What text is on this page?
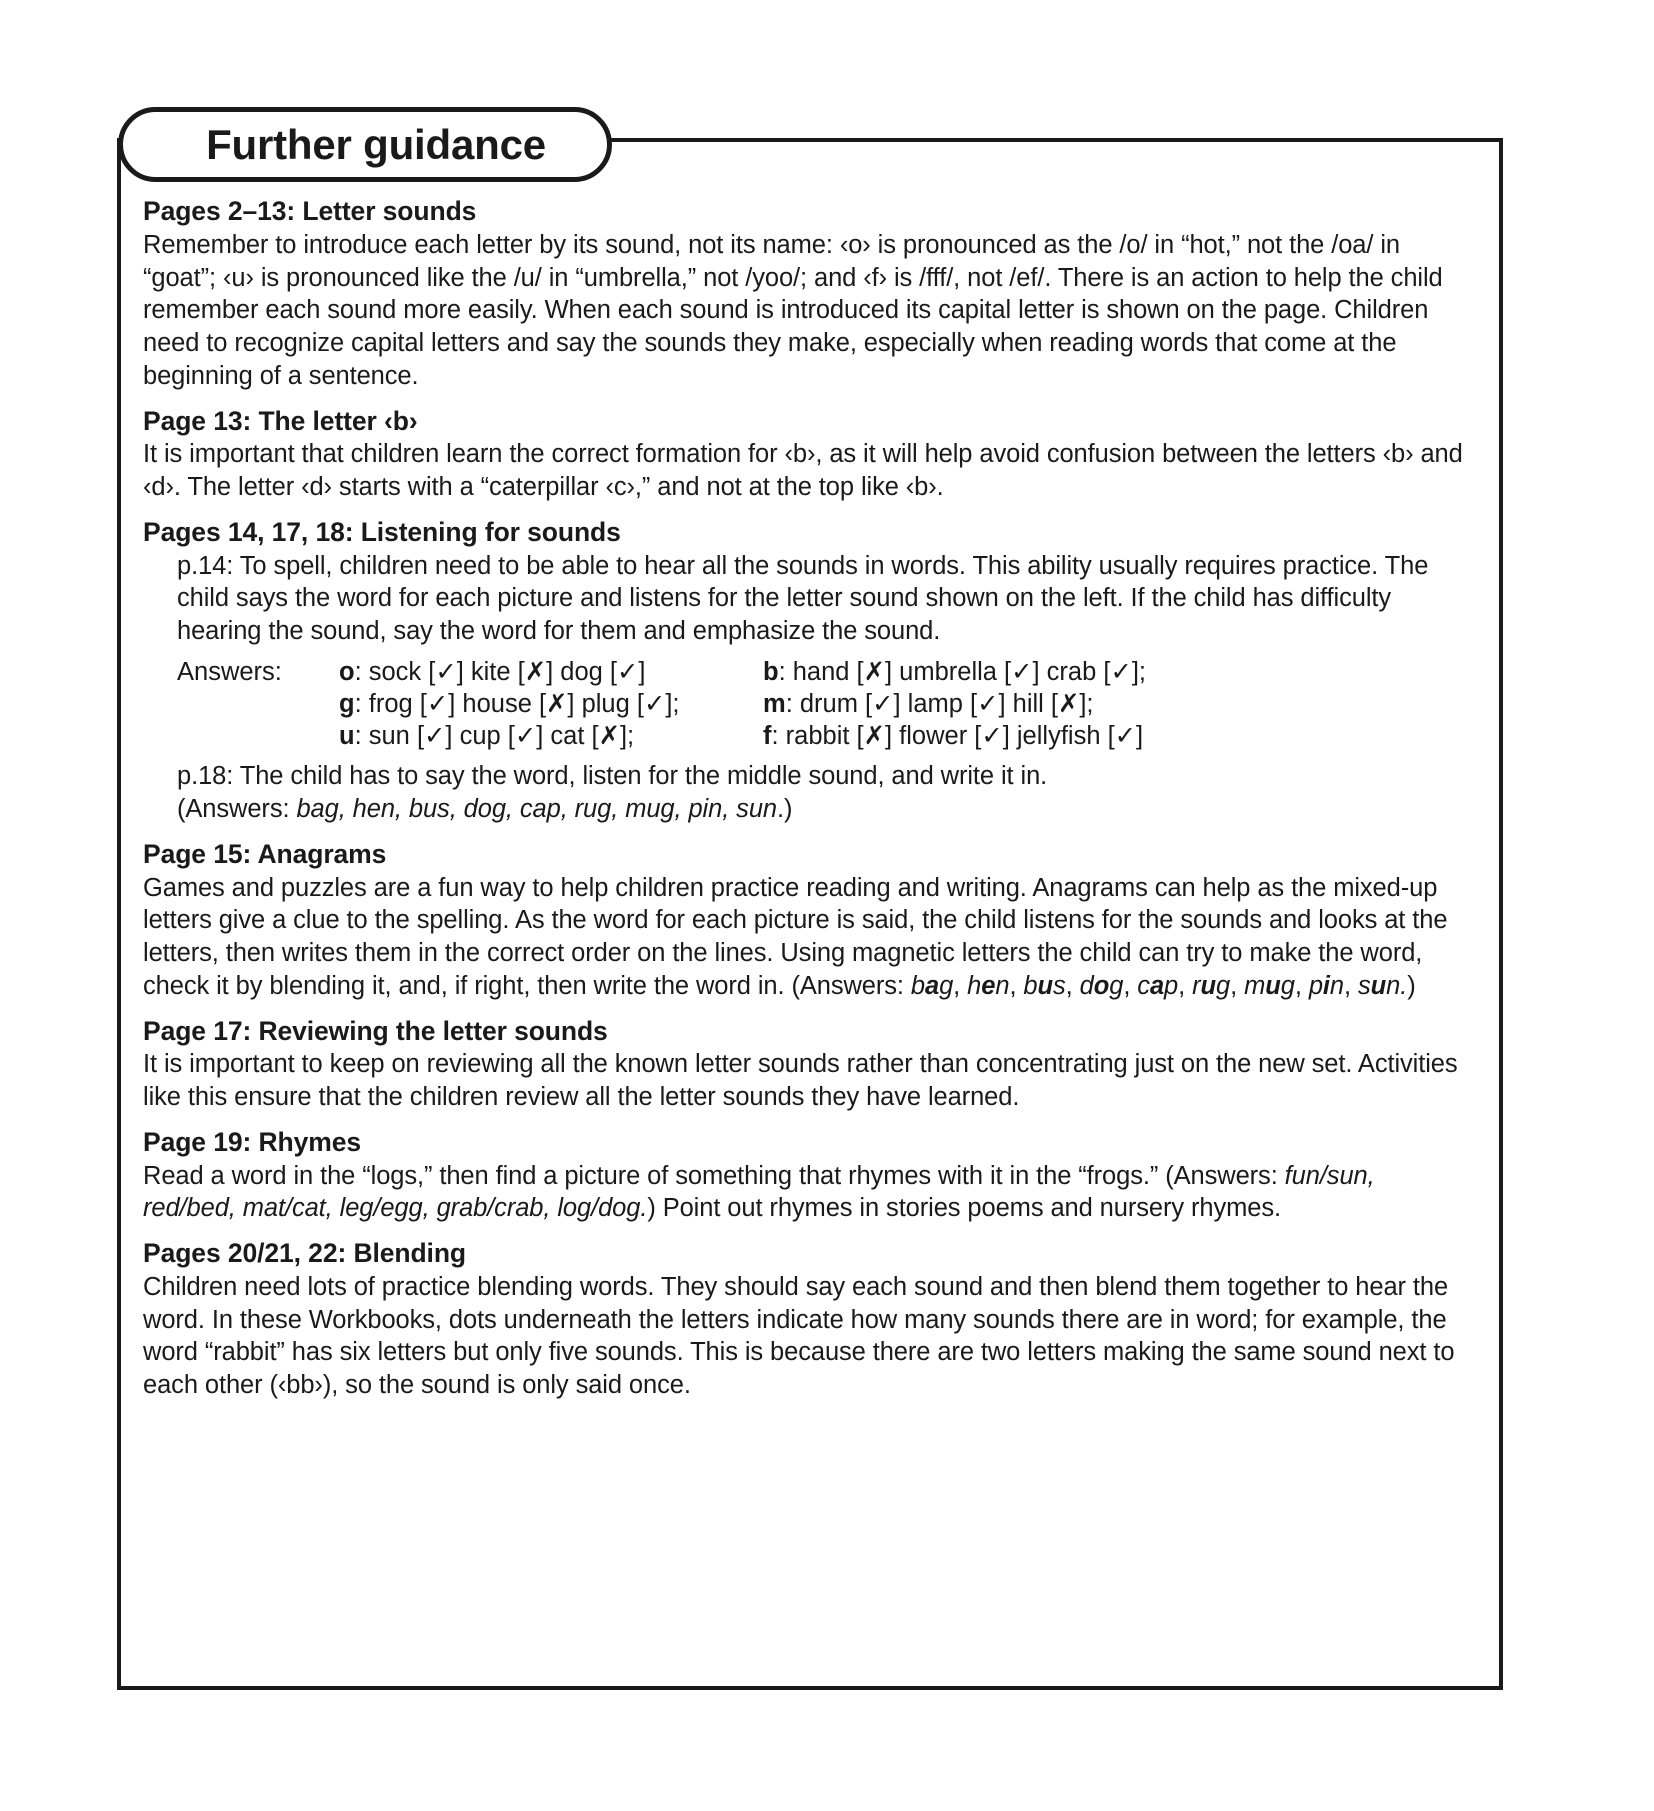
Pages 2–13: Letter sounds

Remember to introduce each letter by its sound, not its name: ‹o› is pronounced as the /o/ in “hot,” not the /oa/ in “goat”; ‹u› is pronounced like the /u/ in “umbrella,” not /yoo/; and ‹f› is /fff/, not /ef/. There is an action to help the child remember each sound more easily. When each sound is introduced its capital letter is shown on the page. Children need to recognize capital letters and say the sounds they make, especially when reading words that come at the beginning of a sentence.

Page 13: The letter ‹b›

It is important that children learn the correct formation for ‹b›, as it will help avoid confusion between the letters ‹b› and ‹d›. The letter ‹d› starts with a “caterpillar ‹c›,” and not at the top like ‹b›.

Pages 14, 17, 18: Listening for sounds

p.14: To spell, children need to be able to hear all the sounds in words. This ability usually requires practice. The child says the word for each picture and listens for the letter sound shown on the left. If the child has difficulty hearing the sound, say the word for them and emphasize the sound.

Answers:	o: sock [✓] kite [✗] dog [✓]
g: frog [✓] house [✗] plug [✓];
u: sun [✓] cup [✓] cat [✗];
b: hand [✗] umbrella [✓] crab [✓];
m: drum [✓] lamp [✓] hill [✗];
f: rabbit [✗] flower [✓] jellyfish [✓]

p.18: The child has to say the word, listen for the middle sound, and write it in.

(Answers: bag, hen, bus, dog, cap, rug, mug, pin, sun.)

Page 15: Anagrams

Games and puzzles are a fun way to help children practice reading and writing. Anagrams can help as the mixed-up letters give a clue to the spelling. As the word for each picture is said, the child listens for the sounds and looks at the letters, then writes them in the correct order on the lines. Using magnetic letters the child can try to make the word, check it by blending it, and, if right, then write the word in. (Answers: bag, hen, bus, dog, cap, rug, mug, pin, sun.)

Page 17: Reviewing the letter sounds

It is important to keep on reviewing all the known letter sounds rather than concentrating just on the new set. Activities like this ensure that the children review all the letter sounds they have learned.

Page 19: Rhymes

Read a word in the “logs,” then find a picture of something that rhymes with it in the “frogs.” (Answers: fun/sun, red/bed, mat/cat, leg/egg, grab/crab, log/dog.) Point out rhymes in stories poems and nursery rhymes.

Pages 20/21, 22: Blending

Children need lots of practice blending words. They should say each sound and then blend them together to hear the word. In these Workbooks, dots underneath the letters indicate how many sounds there are in word; for example, the word “rabbit” has six letters but only five sounds. This is because there are two letters making the same sound next to each other (‹bb›), so the sound is only said once.

Further guidance
